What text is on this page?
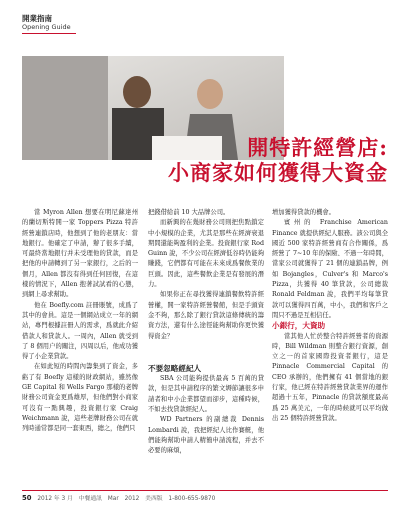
開業指南
Opening Guide
開特許經營店:
小商家如何獲得大資金

當 Myron Allen 想要在明尼蘇達州的蘭切斯特開一家 Toppers Pizza 特許經營連鎖店時，他想到了他的老朋友：當地銀行。他確定了申請，辦了很多手續，可最終當地銀行并未受理他的貸款，而是把他的申請轉到了另一家銀行，之后的一個月，Allen 都沒有得到任何回復，在這樣的情況下，Allen 抱著試試看的心態，到網上尋求幫助。

他在 Boefly.com 註冊賬號，成爲了其中的會員。這是一個網站成立一年的網站，專門根據註冊人的需求，爲就此介紹借款人和貸款人。一周內，Allen 就受到了 8 個用户的關注，四周以后，他成功獲得了小企業貸款。

在如此短的時間內籌集到了資金，多虧了有 Boefly 這樣的財政網站，雖然像 GE Capital 和 Wells Fargo 那樣的老牌財務公司資金更爲雄厚，但他們對小商家可沒有一點興趣，投資銀行家 Craig Weichmann 說，這些老牌財務公司在就列時通常都是同一套東西，總之，他們只

把錢借給前 10 大品牌公司。

而新興的在幾財務公司則把焦點鎖定中小規模的企業，尤其是那些在經濟衰退期間還能夠盈利的企業。投資銀行家 Rod Guinn 說，不少公司在經濟低谷時仍能夠賺錢，它們都有可能在未來成爲餐飲業的巨頭。因此，這些餐飲企業是有發展的潛力。

如果你正在尋找獲得連鎖餐飲特許經營權，開一家特許經營餐館，但是手頭資金不夠，那么除了銀行貸款這條傳統的籌資方法，還有什么途徑能夠幫助你更快獲得資金？

不要忽略經紀人

SBA 公司能夠提供最高 5 百萬的貸款，但是其申請程序的繁文縟節讓很多申請者和中小企業都望而卻步，這種時候，不如去找貸款經紀人。

WD Partners 的副總裁 Dennis Lombardi 說，我把經紀人比作賽艇，他們能夠幫助申請人精簡申請流程，并去不必要的麻煩，

增加獲得貸款的機會。

賓州的 Franchise American Finance 就提供經紀人服務。該公司與全國近 500 家特許經營商有合作關係，爲經營了 7~10 年的保險、不過一年時間，當家公司就獲得了 21 個的連鎖品牌，例如 Bojangles，Culver's 和 Marco's Pizza，共獲得 40 筆貸款，公司總裁 Ronald Feldman 說，我們平均每筆貸款可以獲得四百萬，中小，我們和客戶之間只不過是互相信任。

小銀行，大資助

當其他人忙於整合特許經營者的資源時，Bill Wildman 則整合銀行資源，創立之一的首家國際投資者銀行，這是 Pinnacle Commercial Capital 的 CEO 承辦的，他們擁有 41 個當地的銀行家，他已經在特許經營貸款業界的運作超過十五年，Pinnacle 的貸款額度最高爲 25 萬美元，一年的時候就可以平均做出 25 個特許經營貸款。

50 2012 年 3 月 中餐通訊 Mar 2012 美西版 1-800-655-9870
